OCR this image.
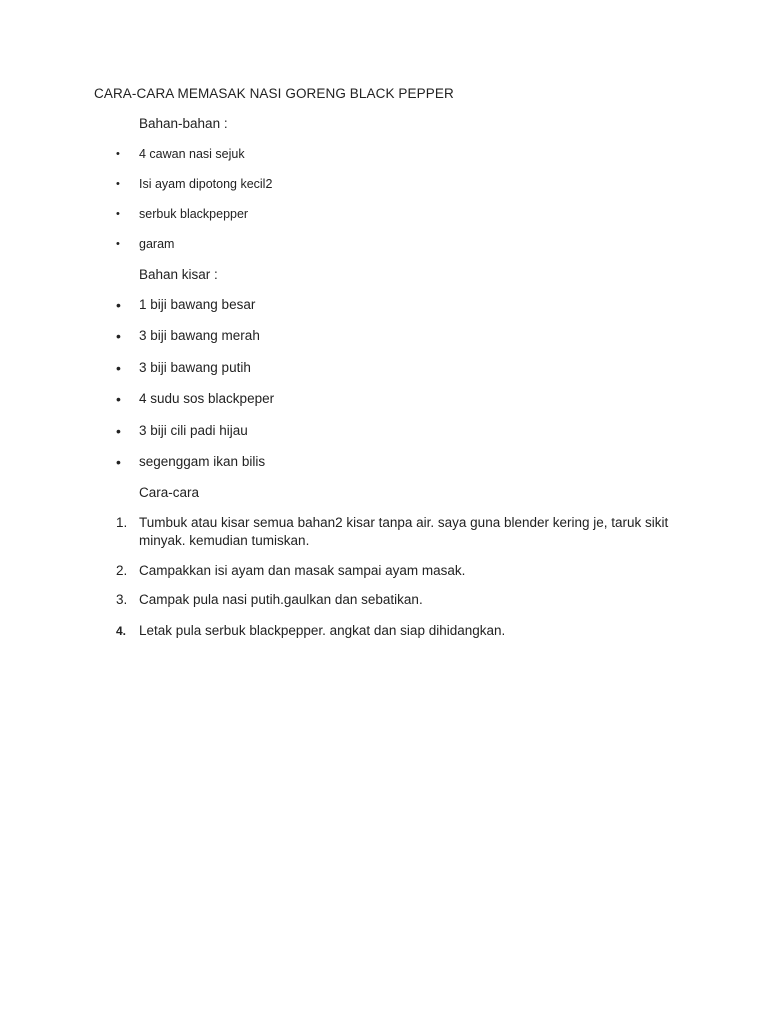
CARA-CARA MEMASAK NASI GORENG BLACK PEPPER
Bahan-bahan :
• 4 cawan nasi sejuk
• Isi ayam dipotong kecil2
• serbuk blackpepper
• garam
Bahan kisar :
• 1 biji bawang besar
• 3 biji bawang merah
• 3 biji bawang putih
• 4 sudu sos blackpeper
• 3 biji cili padi hijau
• segenggam ikan bilis
Cara-cara
1. Tumbuk atau kisar semua bahan2 kisar tanpa air. saya guna blender kering je, taruk sikit minyak. kemudian tumiskan.
2. Campakkan isi ayam dan masak sampai ayam masak.
3. Campak pula nasi putih.gaulkan dan sebatikan.
4. Letak pula serbuk blackpepper. angkat dan siap dihidangkan.
